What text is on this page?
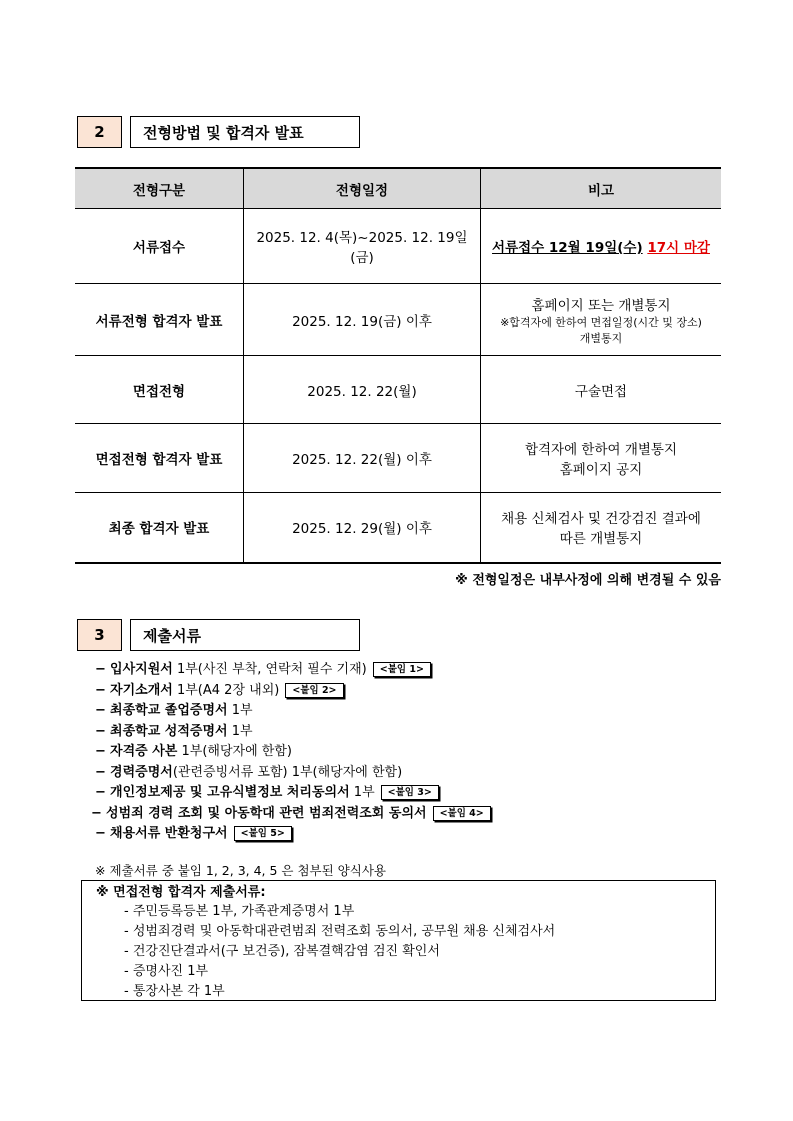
2	전형방법 및 합격자 발표
전형구분	전형일정	비고
서류접수	2025. 12. 4(목)~2025. 12. 19일(금)	서류접수 12월 19일(수) 17시 마감
서류전형 합격자 발표	2025. 12. 19(금) 이후	홈페이지 또는 개별통지
※합격자에 한하여 면접일정(시간 및 장소)
개별통지

면접전형	2025. 12. 22(월)	구술면접
면접전형 합격자 발표	2025. 12. 22(월) 이후	합격자에 한하여 개별통지
홈페이지 공지

최종 합격자 발표	2025. 12. 29(월) 이후	채용 신체검사 및 건강검진 결과에
따른 개별통지
※ 전형일정은 내부사정에 의해 변경될 수 있음
3	제출서류
− 입사지원서 1부(사진 부착, 연락처 필수 기재) <붙임 1>
− 자기소개서 1부(A4 2장 내외) <붙임 2>
− 최종학교 졸업증명서 1부
− 최종학교 성적증명서 1부
− 자격증 사본 1부(해당자에 한함)
− 경력증명서(관련증빙서류 포함) 1부(해당자에 한함)
− 개인정보제공 및 고유식별정보 처리동의서 1부 <붙임 3>
− 성범죄 경력 조회 및 아동학대 관련 범죄전력조회 동의서 <붙임 4>
− 채용서류 반환청구서 <붙임 5>
※ 제출서류 중 붙임 1, 2, 3, 4, 5 은 첨부된 양식사용
※ 면접전형 합격자 제출서류:
- 주민등록등본 1부, 가족관계증명서 1부
- 성범죄경력 및 아동학대관련범죄 전력조회 동의서, 공무원 채용 신체검사서
- 건강진단결과서(구 보건증), 잠복결핵감염 검진 확인서
- 증명사진 1부
- 통장사본 각 1부
